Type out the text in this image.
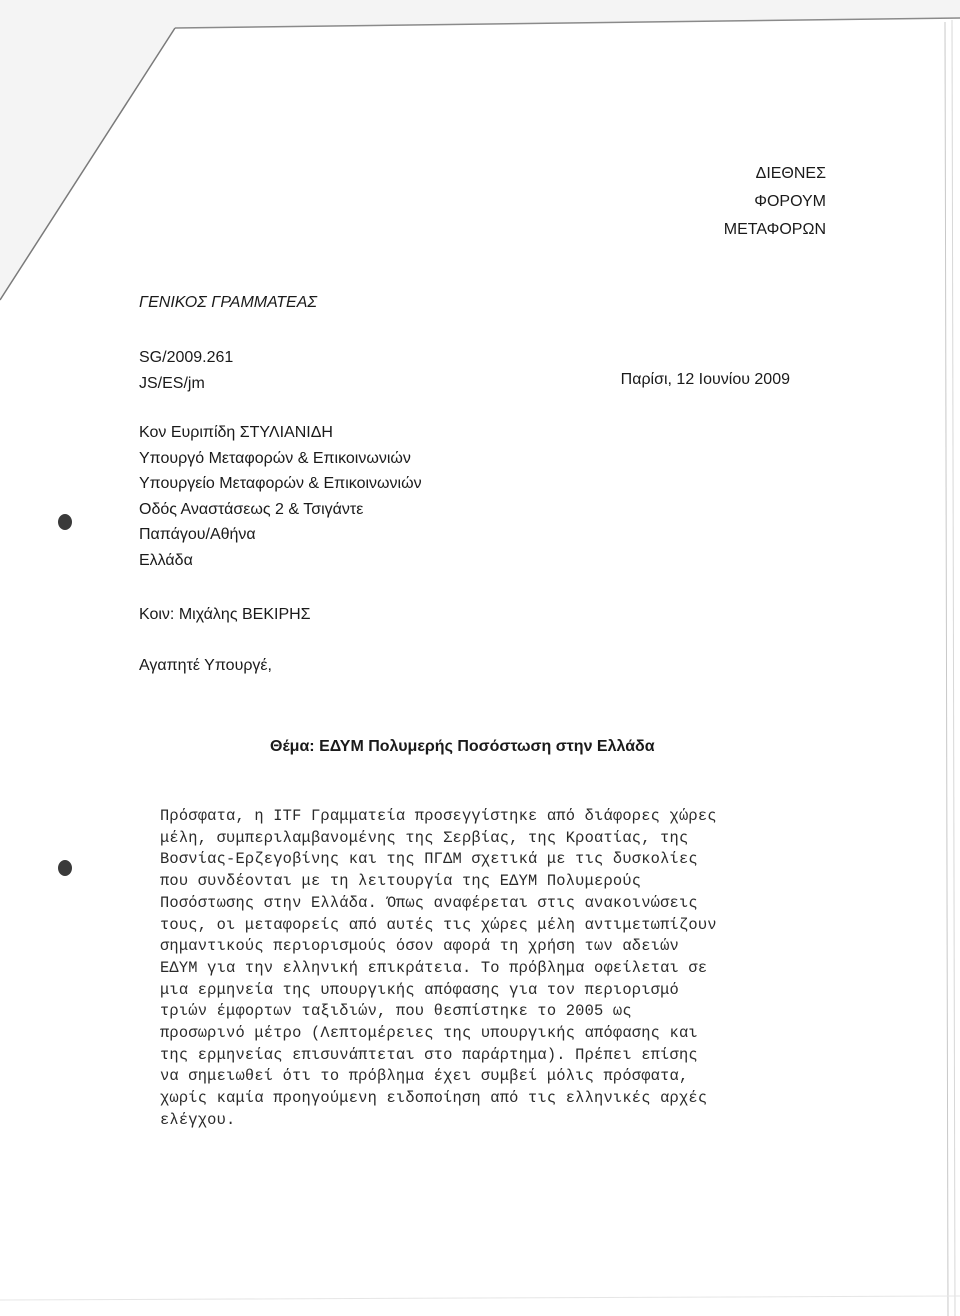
ΔΙΕΘΝΕΣ
ΦΟΡΟΥΜ
ΜΕΤΑΦΟΡΩΝ
ΓΕΝΙΚΟΣ ΓΡΑΜΜΑΤΕΑΣ
SG/2009.261
JS/ES/jm	Παρίσι, 12 Ιουνίου 2009
Κον Ευριπίδη ΣΤΥΛΙΑΝΙΔΗ
Υπουργό Μεταφορών & Επικοινωνιών
Υπουργείο Μεταφορών & Επικοινωνιών
Οδός Αναστάσεως 2 & Τσιγάντε
Παπάγου/Αθήνα
Ελλάδα
Κοιν: Μιχάλης ΒΕΚΙΡΗΣ
Αγαπητέ Υπουργέ,
Θέμα: ΕΔΥΜ Πολυμερής Ποσόστωση στην Ελλάδα
Πρόσφατα, η ITF Γραμματεία προσεγγίστηκε από διάφορες χώρες
μέλη, συμπεριλαμβανομένης της Σερβίας, της Κροατίας, της
Βοσνίας-Ερζεγοβίνης και της ΠΓΔΜ σχετικά με τις δυσκολίες
που συνδέονται με τη λειτουργία της ΕΔΥΜ Πολυμερούς
Ποσόστωσης στην Ελλάδα. Όπως αναφέρεται στις ανακοινώσεις
τους, οι μεταφορείς από αυτές τις χώρες μέλη αντιμετωπίζουν
σημαντικούς περιορισμούς όσον αφορά τη χρήση των αδειών
ΕΔΥΜ για την ελληνική επικράτεια. Το πρόβλημα οφείλεται σε
μια ερμηνεία της υπουργικής απόφασης για τον περιορισμό
τριών έμφορτων ταξιδιών, που θεσπίστηκε το 2005 ως
προσωρινό μέτρο (Λεπτομέρειες της υπουργικής απόφασης και
της ερμηνείας επισυνάπτεται στο παράρτημα). Πρέπει επίσης
να σημειωθεί ότι το πρόβλημα έχει συμβεί μόλις πρόσφατα,
χωρίς καμία προηγούμενη ειδοποίηση από τις ελληνικές αρχές
ελέγχου.
